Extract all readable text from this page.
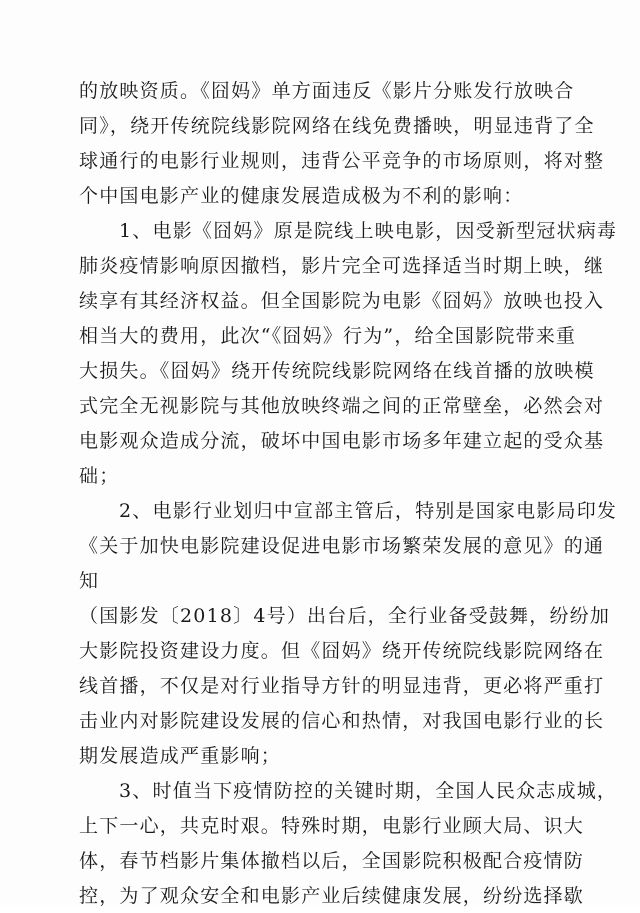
的放映资质。《囧妈》单方面违反《影片分账发行放映合
同》，绕开传统院线影院网络在线免费播映，明显违背了全
球通行的电影行业规则，违背公平竞争的市场原则，将对整
个中国电影产业的健康发展造成极为不利的影响：
1、电影《囧妈》原是院线上映电影，因受新型冠状病毒
肺炎疫情影响原因撤档，影片完全可选择适当时期上映，继
续享有其经济权益。但全国影院为电影《囧妈》放映也投入
相当大的费用，此次“《囧妈》行为”，给全国影院带来重
大损失。《囧妈》绕开传统院线影院网络在线首播的放映模
式完全无视影院与其他放映终端之间的正常壁垒，必然会对
电影观众造成分流，破坏中国电影市场多年建立起的受众基
础；
2、电影行业划归中宣部主管后，特别是国家电影局印发
《关于加快电影院建设促进电影市场繁荣发展的意见》的通
知
（国影发〔2018〕4号）出台后，全行业备受鼓舞，纷纷加
大影院投资建设力度。但《囧妈》绕开传统院线影院网络在
线首播，不仅是对行业指导方针的明显违背，更必将严重打
击业内对影院建设发展的信心和热情，对我国电影行业的长
期发展造成严重影响；
3、时值当下疫情防控的关键时期，全国人民众志成城，
上下一心，共克时艰。特殊时期，电影行业顾大局、识大
体，春节档影片集体撤档以后，全国影院积极配合疫情防
控，为了观众安全和电影产业后续健康发展，纷纷选择歇
